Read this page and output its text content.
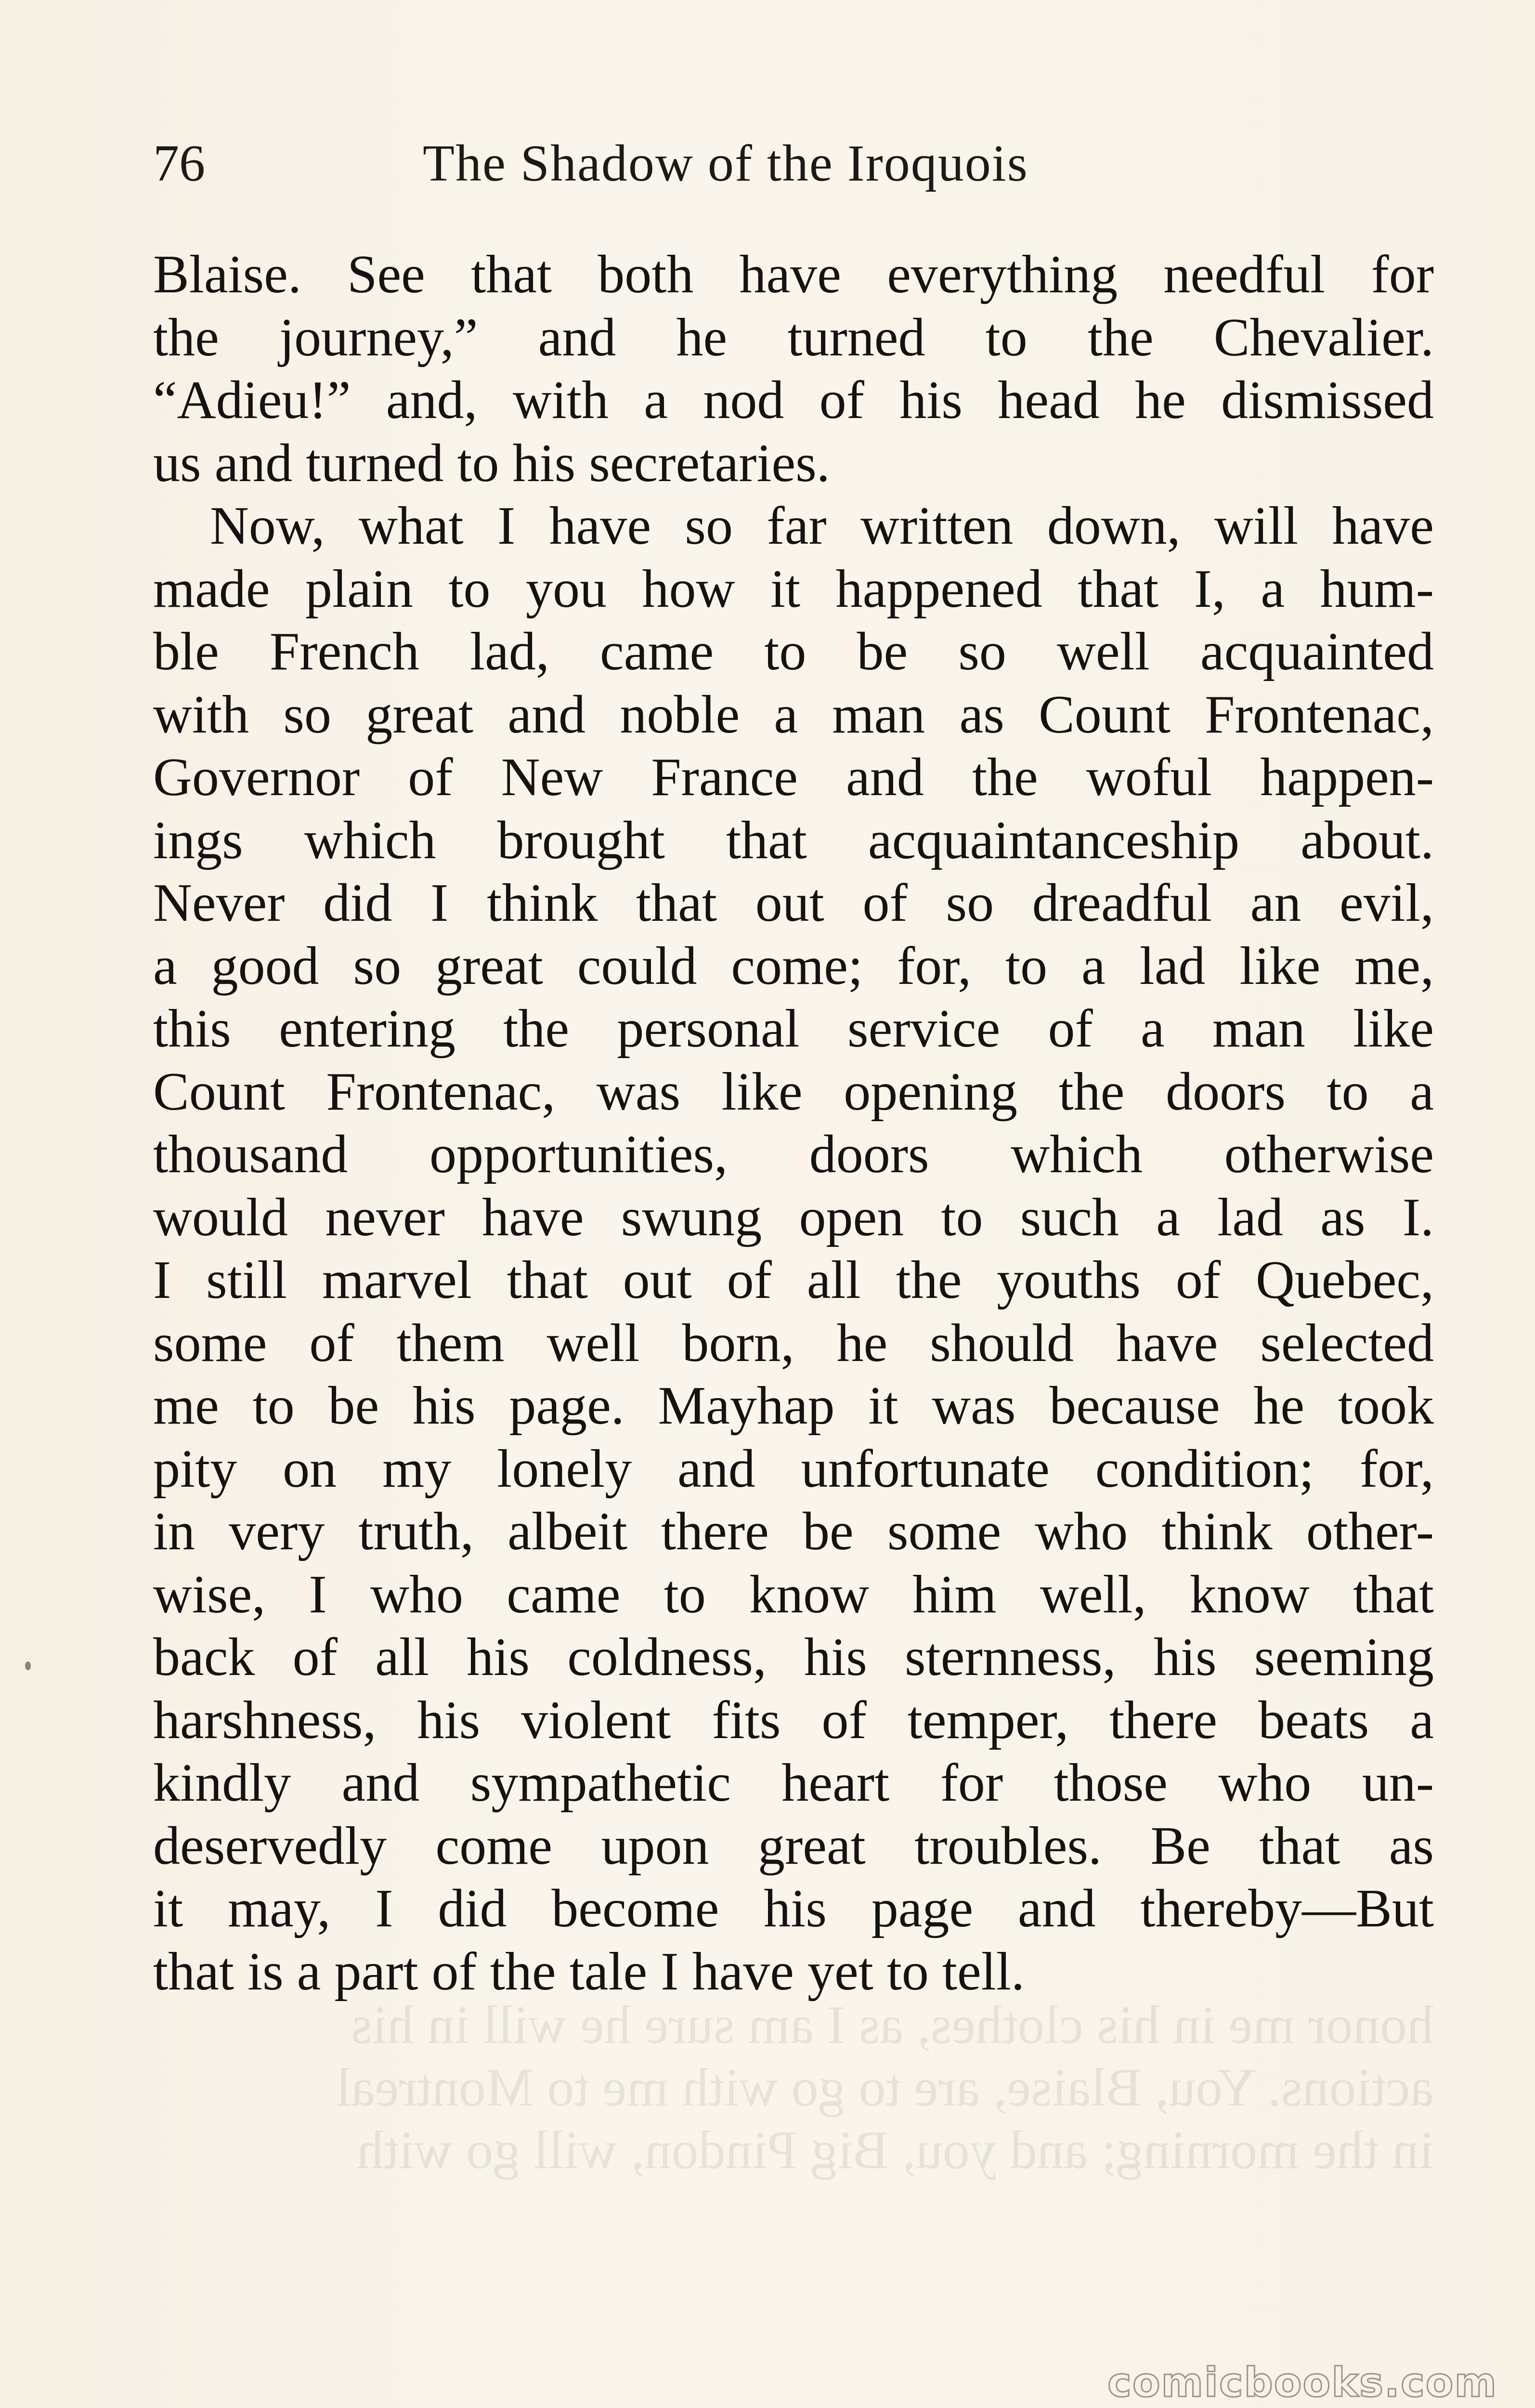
76	The Shadow of the Iroquois
Blaise. See that both have everything needful for
the journey,” and he turned to the Chevalier.
“Adieu!” and, with a nod of his head he dismissed
us and turned to his secretaries.
Now, what I have so far written down, will have
made plain to you how it happened that I, a hum-
ble French lad, came to be so well acquainted
with so great and noble a man as Count Frontenac,
Governor of New France and the woful happen-
ings which brought that acquaintanceship about.
Never did I think that out of so dreadful an evil,
a good so great could come; for, to a lad like me,
this entering the personal service of a man like
Count Frontenac, was like opening the doors to a
thousand opportunities, doors which otherwise
would never have swung open to such a lad as I.
I still marvel that out of all the youths of Quebec,
some of them well born, he should have selected
me to be his page. Mayhap it was because he took
pity on my lonely and unfortunate condition; for,
in very truth, albeit there be some who think other-
wise, I who came to know him well, know that
back of all his coldness, his sternness, his seeming
harshness, his violent fits of temper, there beats a
kindly and sympathetic heart for those who un-
deservedly come upon great troubles. Be that as
it may, I did become his page and thereby—But
that is a part of the tale I have yet to tell.
honor me in his clothes, as I am sure he will in his
actions. You, Blaise, are to go with me to Montreal
in the morning; and you, Big Pindon, will go with
comicbooks.com
